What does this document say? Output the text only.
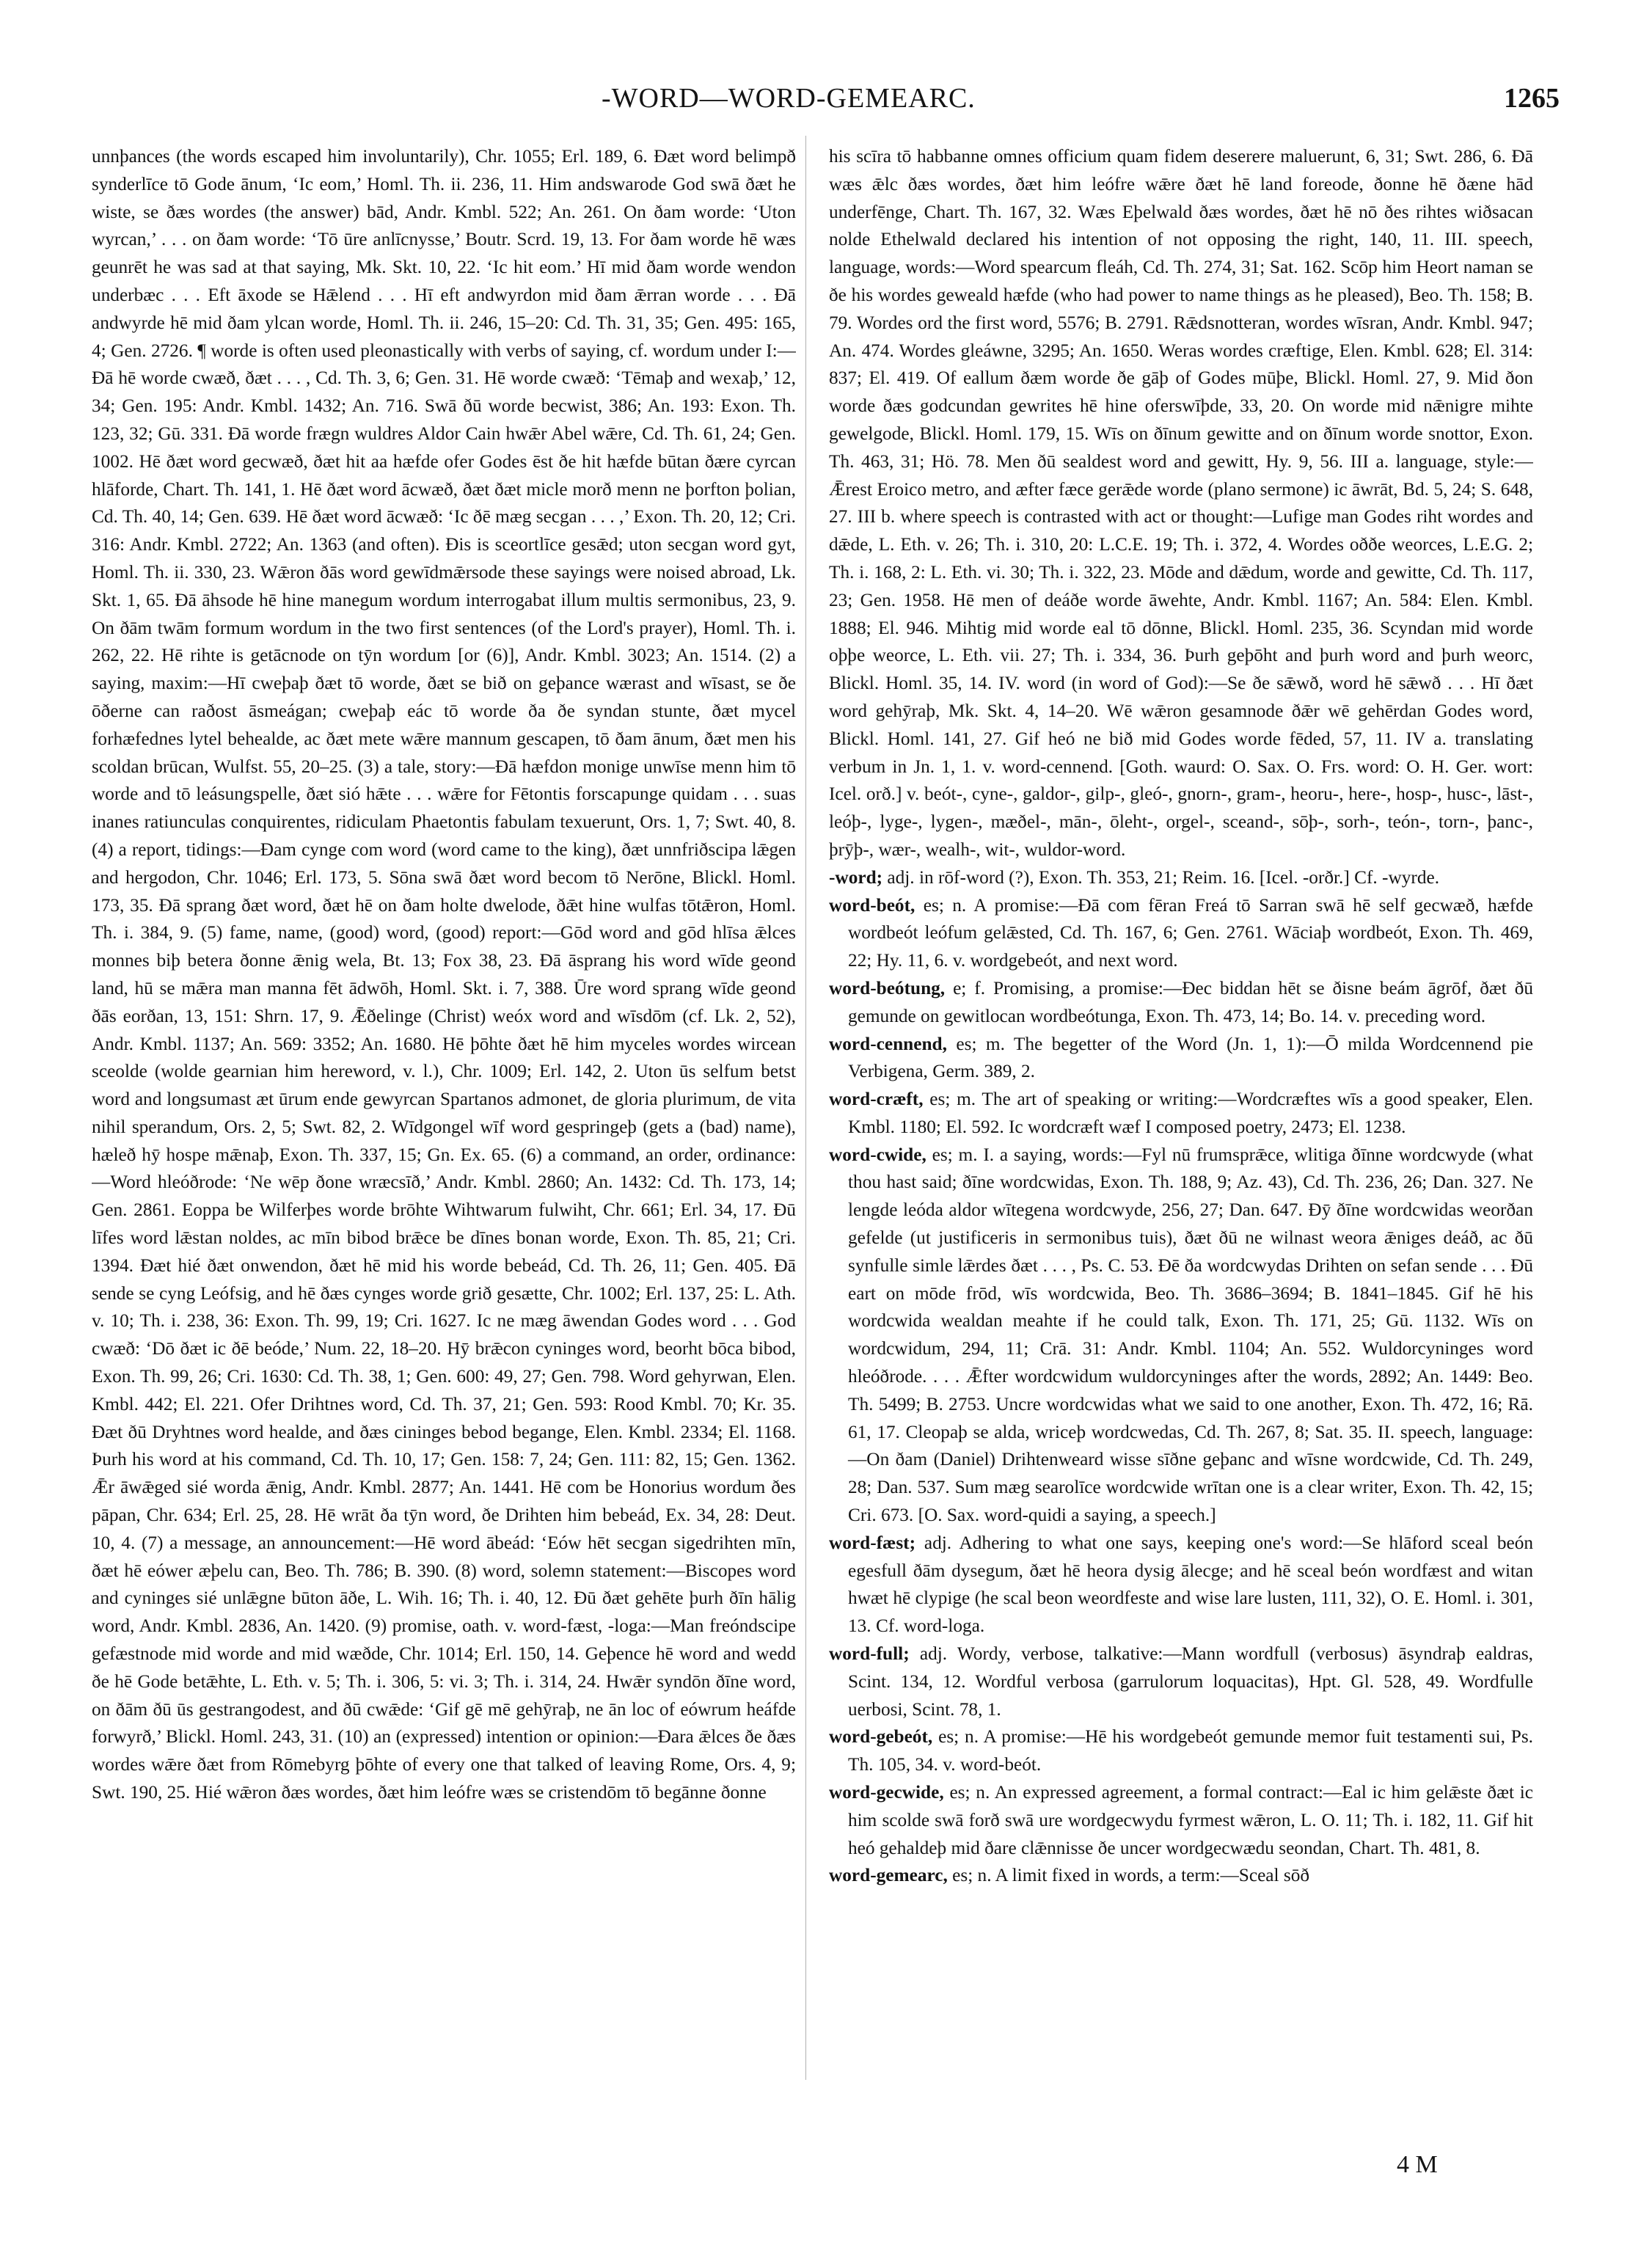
-WORD—WORD-GEMEARC.	1265

unnþances (the words escaped him involuntarily), Chr. 1055; Erl. 189, 6. Ðæt word belimpð synderlīce tō Gode ānum, ‘Ic eom,’ Homl. Th. ii. 236, 11. Him andswarode God swā ðæt he wiste, se ðæs wordes (the answer) bād, Andr. Kmbl. 522; An. 261. On ðam worde: ‘Uton wyrcan,’ . . . on ðam worde: ‘Tō ūre anlīcnysse,’ Boutr. Scrd. 19, 13. For ðam worde hē wæs geunrēt he was sad at that saying, Mk. Skt. 10, 22. ‘Ic hit eom.’ Hī mid ðam worde wendon underbæc . . . Eft āxode se Hǣlend . . . Hī eft andwyrdon mid ðam ǣrran worde . . . Ðā andwyrde hē mid ðam ylcan worde, Homl. Th. ii. 246, 15–20: Cd. Th. 31, 35; Gen. 495: 165, 4; Gen. 2726. ¶ worde is often used pleonastically with verbs of saying, cf. wordum under I:—Ðā hē worde cwæð, ðæt . . . , Cd. Th. 3, 6; Gen. 31. Hē worde cwæð: ‘Tēmaþ and wexaþ,’ 12, 34; Gen. 195: Andr. Kmbl. 1432; An. 716. Swā ðū worde becwist, 386; An. 193: Exon. Th. 123, 32; Gū. 331. Ðā worde frægn wuldres Aldor Cain hwǣr Abel wǣre, Cd. Th. 61, 24; Gen. 1002. Hē ðæt word gecwæð, ðæt hit aa hæfde ofer Godes ēst ðe hit hæfde būtan ðære cyrcan hlāforde, Chart. Th. 141, 1. Hē ðæt word ācwæð, ðæt ðæt micle morð menn ne þorfton þolian, Cd. Th. 40, 14; Gen. 639. Hē ðæt word ācwæð: ‘Ic ðē mæg secgan . . . ,’ Exon. Th. 20, 12; Cri. 316: Andr. Kmbl. 2722; An. 1363 (and often). Ðis is sceortlīce gesǣd; uton secgan word gyt, Homl. Th. ii. 330, 23. Wǣron ðās word gewīdmǣrsode these sayings were noised abroad, Lk. Skt. 1, 65. Ðā āhsode hē hine manegum wordum interrogabat illum multis sermonibus, 23, 9. On ðām twām formum wordum in the two first sentences (of the Lord's prayer), Homl. Th. i. 262, 22. Hē rihte is getācnode on tȳn wordum [or (6)], Andr. Kmbl. 3023; An. 1514. (2) a saying, maxim:—Hī cweþaþ ðæt tō worde, ðæt se bið on geþance wærast and wīsast, se ðe ōðerne can raðost āsmeágan; cweþaþ eác tō worde ða ðe syndan stunte, ðæt mycel forhæfednes lytel behealde, ac ðæt mete wǣre mannum gescapen, tō ðam ānum, ðæt men his scoldan brūcan, Wulfst. 55, 20–25. (3) a tale, story:—Ðā hæfdon monige unwīse menn him tō worde and tō leásungspelle, ðæt sió hǣte . . . wǣre for Fētontis forscapunge quidam . . . suas inanes ratiunculas conquirentes, ridiculam Phaetontis fabulam texuerunt, Ors. 1, 7; Swt. 40, 8. (4) a report, tidings:—Ðam cynge com word (word came to the king), ðæt unnfriðscipa lǣgen and hergodon, Chr. 1046; Erl. 173, 5. Sōna swā ðæt word becom tō Nerōne, Blickl. Homl. 173, 35. Ðā sprang ðæt word, ðæt hē on ðam holte dwelode, ðǣt hine wulfas tōtǣron, Homl. Th. i. 384, 9. (5) fame, name, (good) word, (good) report:—Gōd word and gōd hlīsa ǣlces monnes biþ betera ðonne ǣnig wela, Bt. 13; Fox 38, 23. Ðā āsprang his word wīde geond land, hū se mǣra man manna fēt ādwōh, Homl. Skt. i. 7, 388. Ūre word sprang wīde geond ðās eorðan, 13, 151: Shrn. 17, 9. Ǣðelinge (Christ) weóx word and wīsdōm (cf. Lk. 2, 52), Andr. Kmbl. 1137; An. 569: 3352; An. 1680. Hē þōhte ðæt hē him myceles wordes wircean sceolde (wolde gearnian him hereword, v. l.), Chr. 1009; Erl. 142, 2. Uton ūs selfum betst word and longsumast æt ūrum ende gewyrcan Spartanos admonet, de gloria plurimum, de vita nihil sperandum, Ors. 2, 5; Swt. 82, 2. Wīdgongel wīf word gespringeþ (gets a (bad) name), hæleð hȳ hospe mǣnaþ, Exon. Th. 337, 15; Gn. Ex. 65. (6) a command, an order, ordinance:—Word hleóðrode: ‘Ne wēp ðone wræcsīð,’ Andr. Kmbl. 2860; An. 1432: Cd. Th. 173, 14; Gen. 2861. Eoppa be Wilferþes worde brōhte Wihtwarum fulwiht, Chr. 661; Erl. 34, 17. Ðū līfes word lǣstan noldes, ac mīn bibod brǣce be dīnes bonan worde, Exon. Th. 85, 21; Cri. 1394. Ðæt hié ðæt onwendon, ðæt hē mid his worde bebeád, Cd. Th. 26, 11; Gen. 405. Ðā sende se cyng Leófsig, and hē ðæs cynges worde grið gesætte, Chr. 1002; Erl. 137, 25: L. Ath. v. 10; Th. i. 238, 36: Exon. Th. 99, 19; Cri. 1627. Ic ne mæg āwendan Godes word . . . God cwæð: ‘Dō ðæt ic ðē beóde,’ Num. 22, 18–20. Hȳ brǣcon cyninges word, beorht bōca bibod, Exon. Th. 99, 26; Cri. 1630: Cd. Th. 38, 1; Gen. 600: 49, 27; Gen. 798. Word gehyrwan, Elen. Kmbl. 442; El. 221. Ofer Drihtnes word, Cd. Th. 37, 21; Gen. 593: Rood Kmbl. 70; Kr. 35. Ðæt ðū Dryhtnes word healde, and ðæs cininges bebod begange, Elen. Kmbl. 2334; El. 1168. Þurh his word at his command, Cd. Th. 10, 17; Gen. 158: 7, 24; Gen. 111: 82, 15; Gen. 1362. Ǣr āwǣged sié worda ǣnig, Andr. Kmbl. 2877; An. 1441. Hē com be Honorius wordum ðes pāpan, Chr. 634; Erl. 25, 28. Hē wrāt ða tȳn word, ðe Drihten him bebeád, Ex. 34, 28: Deut. 10, 4. (7) a message, an announcement:—Hē word ābeád: ‘Eów hēt secgan sigedrihten mīn, ðæt hē eówer æþelu can, Beo. Th. 786; B. 390. (8) word, solemn statement:—Biscopes word and cyninges sié unlǣgne būton āðe, L. Wih. 16; Th. i. 40, 12. Ðū ðæt gehēte þurh ðīn hālig word, Andr. Kmbl. 2836, An. 1420. (9) promise, oath. v. word-fæst, -loga:—Man freóndscipe gefæstnode mid worde and mid wæðde, Chr. 1014; Erl. 150, 14. Geþence hē word and wedd ðe hē Gode betǣhte, L. Eth. v. 5; Th. i. 306, 5: vi. 3; Th. i. 314, 24. Hwǣr syndōn ðīne word, on ðām ðū ūs gestrangodest, and ðū cwǣde: ‘Gif gē mē gehȳraþ, ne ān loc of eówrum heáfde forwyrð,’ Blickl. Homl. 243, 31. (10) an (expressed) intention or opinion:—Ðara ǣlces ðe ðæs wordes wǣre ðæt from Rōmebyrg þōhte of every one that talked of leaving Rome, Ors. 4, 9; Swt. 190, 25. Hié wǣron ðæs wordes, ðæt him leófre wæs se cristendōm tō begānne ðonne

his scīra tō habbanne omnes officium quam fidem deserere maluerunt, 6, 31; Swt. 286, 6. Ðā wæs ǣlc ðæs wordes, ðæt him leófre wǣre ðæt hē land foreode, ðonne hē ðæne hād underfēnge, Chart. Th. 167, 32. Wæs Eþelwald ðæs wordes, ðæt hē nō ðes rihtes wiðsacan nolde Ethelwald declared his intention of not opposing the right, 140, 11. III. speech, language, words:—Word spearcum fleáh, Cd. Th. 274, 31; Sat. 162. Scōp him Heort naman se ðe his wordes geweald hæfde (who had power to name things as he pleased), Beo. Th. 158; B. 79. Wordes ord the first word, 5576; B. 2791. Rǣdsnotteran, wordes wīsran, Andr. Kmbl. 947; An. 474. Wordes gleáwne, 3295; An. 1650. Weras wordes cræftige, Elen. Kmbl. 628; El. 314: 837; El. 419. Of eallum ðæm worde ðe gāþ of Godes mūþe, Blickl. Homl. 27, 9. Mid ðon worde ðæs godcundan gewrites hē hine oferswīþde, 33, 20. On worde mid nǣnigre mihte gewelgode, Blickl. Homl. 179, 15. Wīs on ðīnum gewitte and on ðīnum worde snottor, Exon. Th. 463, 31; Hö. 78. Men ðū sealdest word and gewitt, Hy. 9, 56. III a. language, style:—Ǣrest Eroico metro, and æfter fæce gerǣde worde (plano sermone) ic āwrāt, Bd. 5, 24; S. 648, 27. III b. where speech is contrasted with act or thought:—Lufige man Godes riht wordes and dǣde, L. Eth. v. 26; Th. i. 310, 20: L.C.E. 19; Th. i. 372, 4. Wordes oððe weorces, L.E.G. 2; Th. i. 168, 2: L. Eth. vi. 30; Th. i. 322, 23. Mōde and dǣdum, worde and gewitte, Cd. Th. 117, 23; Gen. 1958. Hē men of deáðe worde āwehte, Andr. Kmbl. 1167; An. 584: Elen. Kmbl. 1888; El. 946. Mihtig mid worde eal tō dōnne, Blickl. Homl. 235, 36. Scyndan mid worde oþþe weorce, L. Eth. vii. 27; Th. i. 334, 36. Þurh geþōht and þurh word and þurh weorc, Blickl. Homl. 35, 14. IV. word (in word of God):—Se ðe sǣwð, word hē sǣwð . . . Hī ðæt word gehȳraþ, Mk. Skt. 4, 14–20. Wē wǣron gesamnode ðǣr wē gehērdan Godes word, Blickl. Homl. 141, 27. Gif heó ne bið mid Godes worde fēded, 57, 11. IV a. translating verbum in Jn. 1, 1. v. word-cennend. [Goth. waurd: O. Sax. O. Frs. word: O. H. Ger. wort: Icel. orð.] v. beót-, cyne-, galdor-, gilp-, gleó-, gnorn-, gram-, heoru-, here-, hosp-, husc-, lāst-, leóþ-, lyge-, lygen-, mæðel-, mān-, ōleht-, orgel-, sceand-, sōþ-, sorh-, teón-, torn-, þanc-, þrȳþ-, wær-, wealh-, wit-, wuldor-word.

-word; adj. in rōf-word (?), Exon. Th. 353, 21; Reim. 16. [Icel. -orðr.] Cf. -wyrde.

word-beót, es; n. A promise:—Ðā com fēran Freá tō Sarran swā hē self gecwæð, hæfde wordbeót leófum gelǣsted, Cd. Th. 167, 6; Gen. 2761. Wāciaþ wordbeót, Exon. Th. 469, 22; Hy. 11, 6. v. wordgebeót, and next word.

word-beótung, e; f. Promising, a promise:—Ðec biddan hēt se ðisne beám āgrōf, ðæt ðū gemunde on gewitlocan wordbeótunga, Exon. Th. 473, 14; Bo. 14. v. preceding word.

word-cennend, es; m. The begetter of the Word (Jn. 1, 1):—Ō milda Wordcennend pie Verbigena, Germ. 389, 2.

word-cræft, es; m. The art of speaking or writing:—Wordcræftes wīs a good speaker, Elen. Kmbl. 1180; El. 592. Ic wordcræft wæf I composed poetry, 2473; El. 1238.

word-cwide, es; m. I. a saying, words:—Fyl nū frumsprǣce, wlitiga ðīnne wordcwyde (what thou hast said; ðīne wordcwidas, Exon. Th. 188, 9; Az. 43), Cd. Th. 236, 26; Dan. 327. Ne lengde leóda aldor wītegena wordcwyde, 256, 27; Dan. 647. Ðȳ ðīne wordcwidas weorðan gefelde (ut justificeris in sermonibus tuis), ðæt ðū ne wilnast weora ǣniges deáð, ac ðū synfulle simle lǣrdes ðæt . . . , Ps. C. 53. Ðē ða wordcwydas Drihten on sefan sende . . . Ðū eart on mōde frōd, wīs wordcwida, Beo. Th. 3686–3694; B. 1841–1845. Gif hē his wordcwida wealdan meahte if he could talk, Exon. Th. 171, 25; Gū. 1132. Wīs on wordcwidum, 294, 11; Crā. 31: Andr. Kmbl. 1104; An. 552. Wuldorcyninges word hleóðrode. . . . Ǣfter wordcwidum wuldorcyninges after the words, 2892; An. 1449: Beo. Th. 5499; B. 2753. Uncre wordcwidas what we said to one another, Exon. Th. 472, 16; Rā. 61, 17. Cleopaþ se alda, wriceþ wordcwedas, Cd. Th. 267, 8; Sat. 35. II. speech, language:—On ðam (Daniel) Drihtenweard wisse sīðne geþanc and wīsne wordcwide, Cd. Th. 249, 28; Dan. 537. Sum mæg searolīce wordcwide wrītan one is a clear writer, Exon. Th. 42, 15; Cri. 673. [O. Sax. word-quidi a saying, a speech.]

word-fæst; adj. Adhering to what one says, keeping one's word:—Se hlāford sceal beón egesfull ðām dysegum, ðæt hē heora dysig ālecge; and hē sceal beón wordfæst and witan hwæt hē clypige (he scal beon weordfeste and wise lare lusten, 111, 32), O. E. Homl. i. 301, 13. Cf. word-loga.

word-full; adj. Wordy, verbose, talkative:—Mann wordfull (verbosus) āsyndraþ ealdras, Scint. 134, 12. Wordful verbosa (garrulorum loquacitas), Hpt. Gl. 528, 49. Wordfulle uerbosi, Scint. 78, 1.

word-gebeót, es; n. A promise:—Hē his wordgebeót gemunde memor fuit testamenti sui, Ps. Th. 105, 34. v. word-beót.

word-gecwide, es; n. An expressed agreement, a formal contract:—Eal ic him gelǣste ðæt ic him scolde swā forð swā ure wordgecwydu fyrmest wǣron, L. O. 11; Th. i. 182, 11. Gif hit heó gehaldeþ mid ðare clǣnnisse ðe uncer wordgecwædu seondan, Chart. Th. 481, 8.

word-gemearc, es; n. A limit fixed in words, a term:—Sceal sōð

4 M
